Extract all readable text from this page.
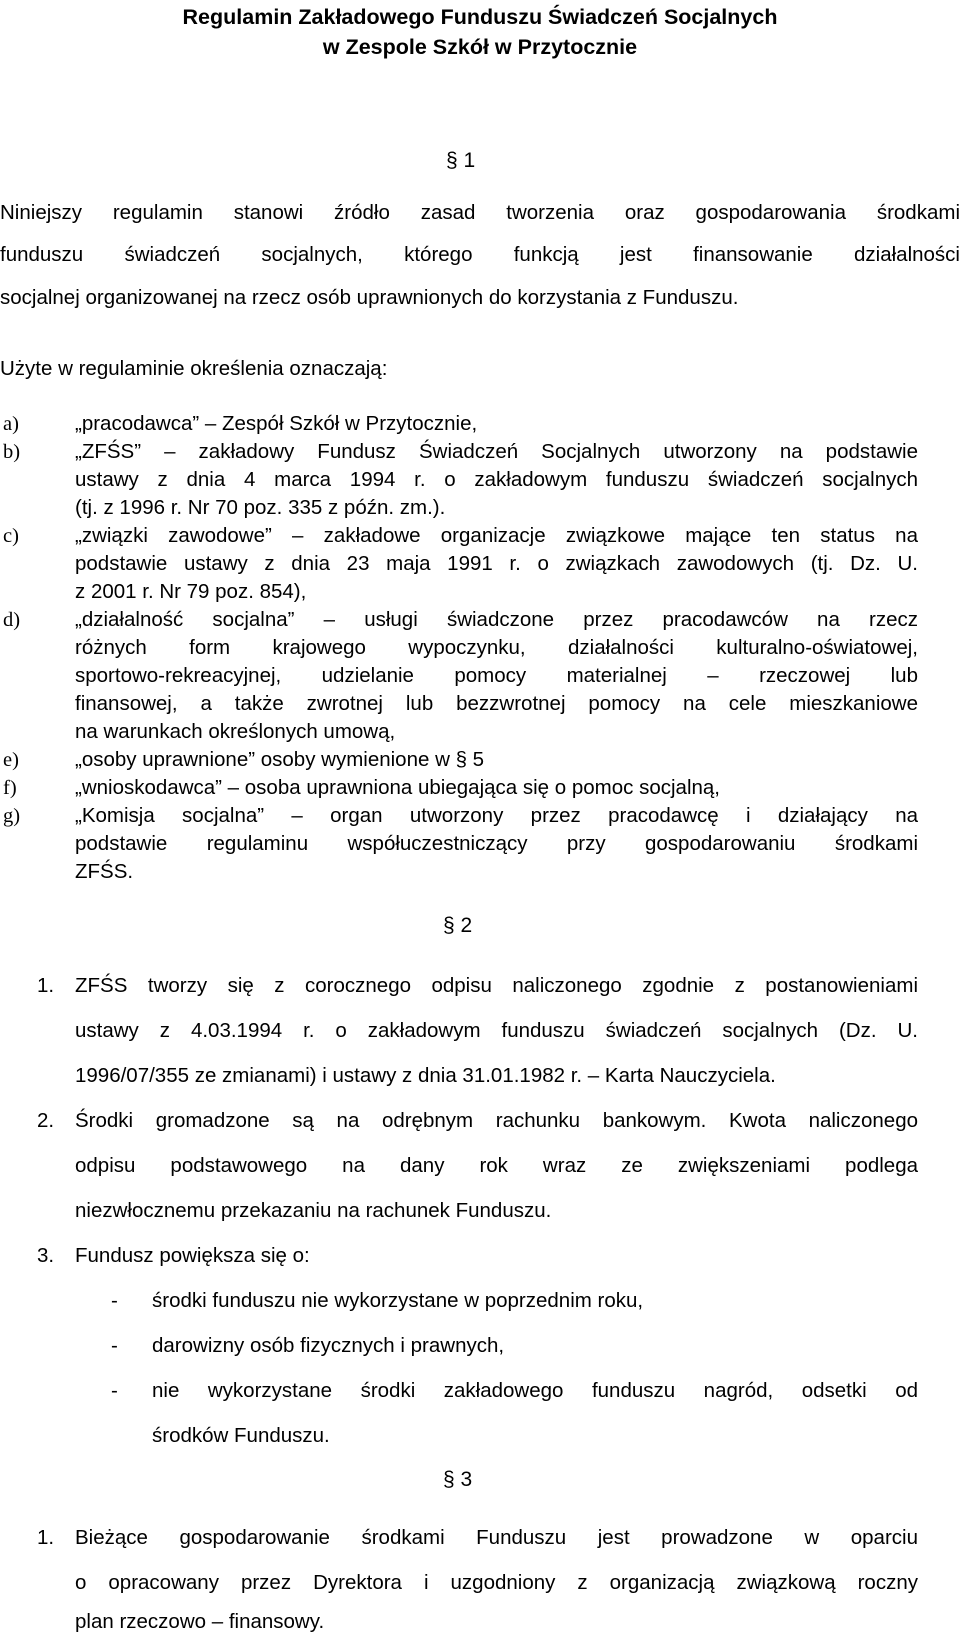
Regulamin Zakładowego Funduszu Świadczeń Socjalnych
w Zespole Szkół w Przytocznie
§ 1
Niniejszy regulamin stanowi źródło zasad tworzenia oraz gospodarowania środkami
funduszu świadczeń socjalnych, którego funkcją jest finansowanie działalności
socjalnej organizowanej na rzecz osób uprawnionych do korzystania z Funduszu.
Użyte w regulaminie określenia oznaczają:
a)	„pracodawca” – Zespół Szkół w Przytocznie,
b)	„ZFŚS” – zakładowy Fundusz Świadczeń Socjalnych utworzony na podstawie
ustawy z dnia 4 marca 1994 r. o zakładowym funduszu świadczeń socjalnych
(tj. z 1996 r. Nr 70 poz. 335 z późn. zm.).
c)	„związki zawodowe” – zakładowe organizacje związkowe mające ten status na
podstawie ustawy z dnia 23 maja 1991 r. o związkach zawodowych (tj. Dz. U.
z 2001 r. Nr 79 poz. 854),
d)	„działalność socjalna” – usługi świadczone przez pracodawców na rzecz
różnych form krajowego wypoczynku, działalności kulturalno-oświatowej,
sportowo-rekreacyjnej, udzielanie pomocy materialnej – rzeczowej lub
finansowej, a także zwrotnej lub bezzwrotnej pomocy na cele mieszkaniowe
na warunkach określonych umową,
e)	„osoby uprawnione” osoby wymienione w § 5
f)	„wnioskodawca” – osoba uprawniona ubiegająca się o pomoc socjalną,
g)	„Komisja socjalna” – organ utworzony przez pracodawcę i działający na
podstawie regulaminu współuczestniczący przy gospodarowaniu środkami
ZFŚS.
§ 2
1. ZFŚS tworzy się z corocznego odpisu naliczonego zgodnie z postanowieniami
ustawy z 4.03.1994 r. o zakładowym funduszu świadczeń socjalnych (Dz. U.
1996/07/355 ze zmianami) i ustawy z dnia 31.01.1982 r. – Karta Nauczyciela.
2. Środki gromadzone są na odrębnym rachunku bankowym. Kwota naliczonego
odpisu podstawowego na dany rok wraz ze zwiększeniami podlega
niezwłocznemu przekazaniu na rachunek Funduszu.
3. Fundusz powiększa się o:
- środki funduszu nie wykorzystane w poprzednim roku,
- darowizny osób fizycznych i prawnych,
- nie wykorzystane środki zakładowego funduszu nagród, odsetki od
środków Funduszu.
§ 3
1. Bieżące gospodarowanie środkami Funduszu jest prowadzone w oparciu
o opracowany przez Dyrektora i uzgodniony z organizacją związkową roczny
plan rzeczowo – finansowy.
